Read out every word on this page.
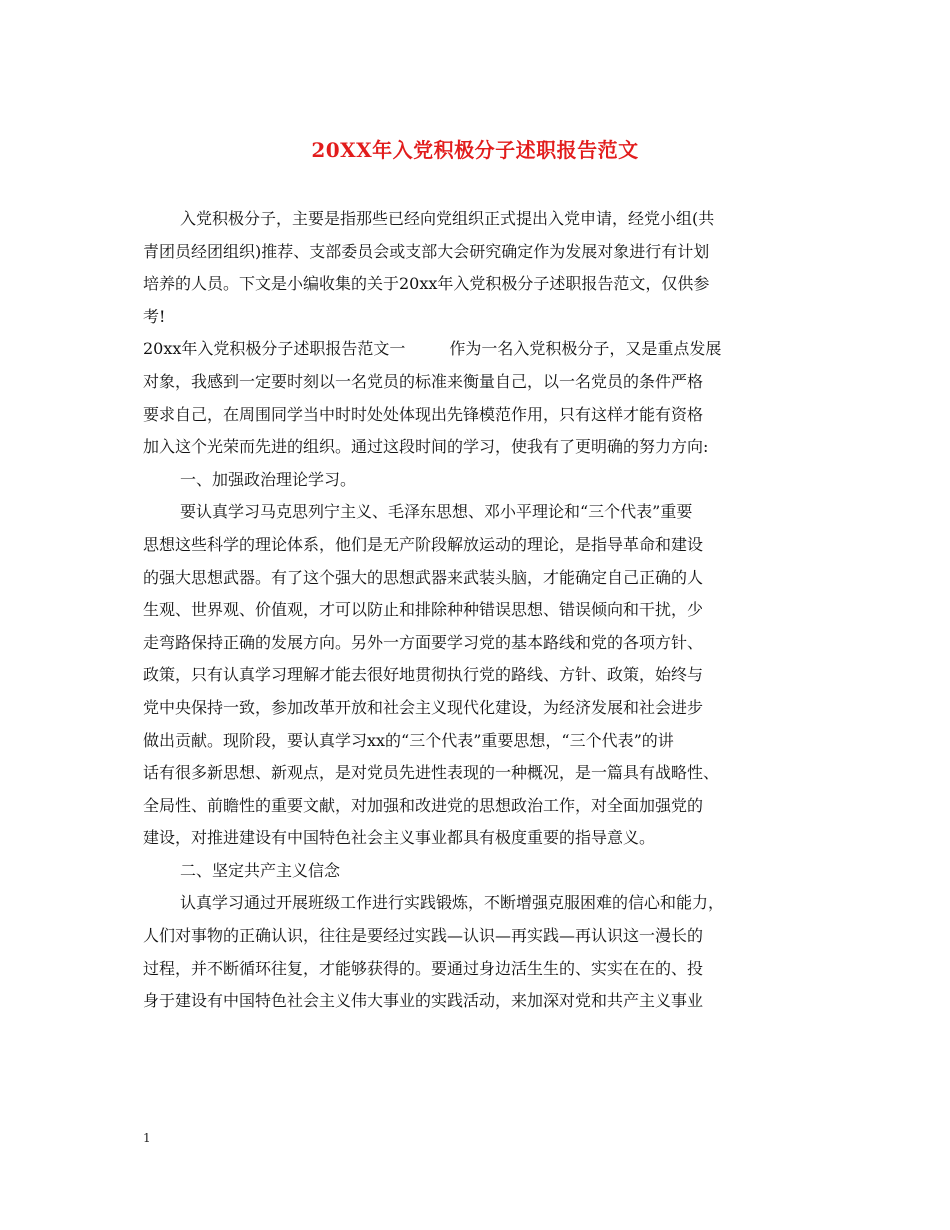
20XX年入党积极分子述职报告范文
入党积极分子，主要是指那些已经向党组织正式提出入党申请，经党小组(共
青团员经团组织)推荐、支部委员会或支部大会研究确定作为发展对象进行有计划
培养的人员。下文是小编收集的关于20xx年入党积极分子述职报告范文，仅供参
考!
20xx年入党积极分子述职报告范文一	作为一名入党积极分子，又是重点发展
对象，我感到一定要时刻以一名党员的标准来衡量自己，以一名党员的条件严格
要求自己，在周围同学当中时时处处体现出先锋模范作用，只有这样才能有资格
加入这个光荣而先进的组织。通过这段时间的学习，使我有了更明确的努力方向:
一、加强政治理论学习。
要认真学习马克思列宁主义、毛泽东思想、邓小平理论和“三个代表”重要
思想这些科学的理论体系，他们是无产阶段解放运动的理论，是指导革命和建设
的强大思想武器。有了这个强大的思想武器来武装头脑，才能确定自己正确的人
生观、世界观、价值观，才可以防止和排除种种错误思想、错误倾向和干扰，少
走弯路保持正确的发展方向。另外一方面要学习党的基本路线和党的各项方针、
政策，只有认真学习理解才能去很好地贯彻执行党的路线、方针、政策，始终与
党中央保持一致，参加改革开放和社会主义现代化建设，为经济发展和社会进步
做出贡献。现阶段，要认真学习xx的“三个代表”重要思想，“三个代表”的讲
话有很多新思想、新观点，是对党员先进性表现的一种概况，是一篇具有战略性、
全局性、前瞻性的重要文献，对加强和改进党的思想政治工作，对全面加强党的
建设，对推进建设有中国特色社会主义事业都具有极度重要的指导意义。
二、坚定共产主义信念
认真学习通过开展班级工作进行实践锻炼，不断增强克服困难的信心和能力，
人们对事物的正确认识，往往是要经过实践—认识—再实践—再认识这一漫长的
过程，并不断循环往复，才能够获得的。要通过身边活生生的、实实在在的、投
身于建设有中国特色社会主义伟大事业的实践活动，来加深对党和共产主义事业
1
